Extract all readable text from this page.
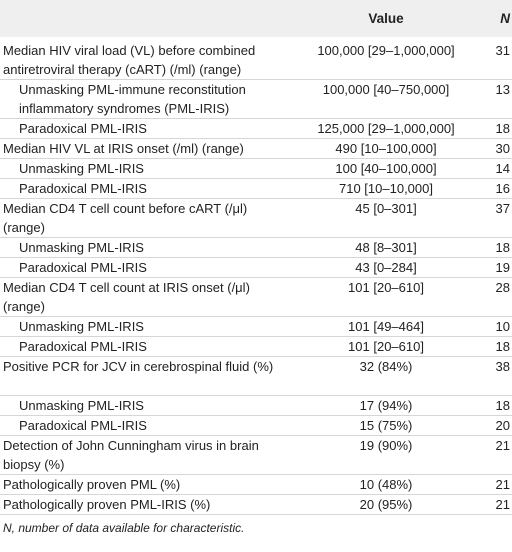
	Value	N
Median HIV viral load (VL) before combined antiretroviral therapy (cART) (/ml) (range)	100,000 [29–1,000,000]	31
Unmasking PML-immune reconstitution inflammatory syndromes (PML-IRIS)	100,000 [40–750,000]	13
Paradoxical PML-IRIS	125,000 [29–1,000,000]	18
Median HIV VL at IRIS onset (/ml) (range)	490 [10–100,000]	30
Unmasking PML-IRIS	100 [40–100,000]	14
Paradoxical PML-IRIS	710 [10–10,000]	16
Median CD4 T cell count before cART (/μl) (range)	45 [0–301]	37
Unmasking PML-IRIS	48 [8–301]	18
Paradoxical PML-IRIS	43 [0–284]	19
Median CD4 T cell count at IRIS onset (/μl) (range)	101 [20–610]	28
Unmasking PML-IRIS	101 [49–464]	10
Paradoxical PML-IRIS	101 [20–610]	18
Positive PCR for JCV in cerebrospinal fluid (%)	32 (84%)	38
Unmasking PML-IRIS	17 (94%)	18
Paradoxical PML-IRIS	15 (75%)	20
Detection of John Cunningham virus in brain biopsy (%)	19 (90%)	21
Pathologically proven PML (%)	10 (48%)	21
Pathologically proven PML-IRIS (%)	20 (95%)	21
N, number of data available for characteristic.
